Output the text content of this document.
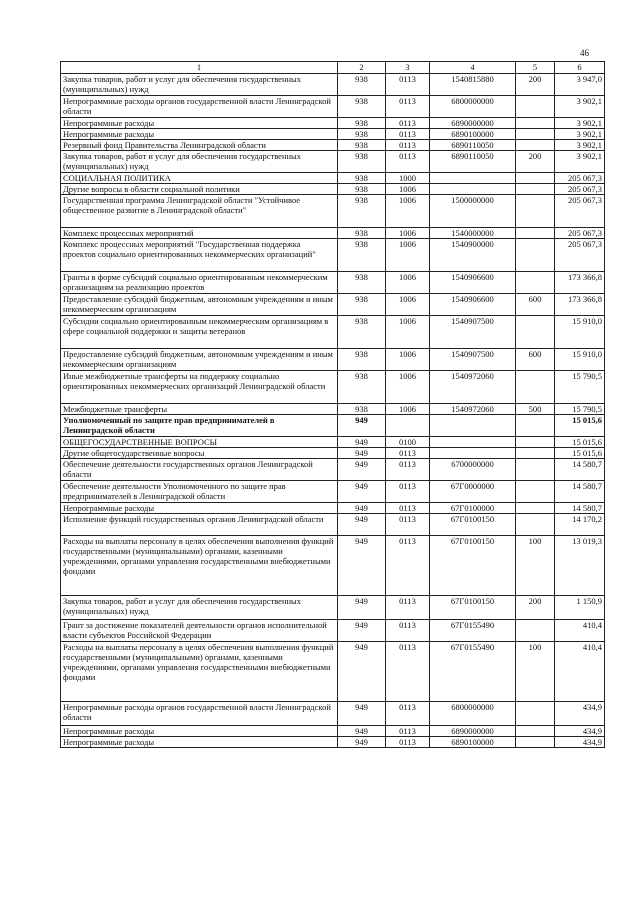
46
1	2	3	4	5	6
Закупка товаров, работ и услуг для обеспечения государственных (муниципальных) нужд	938	0113	1540815880	200	3 947,0
Непрограммные расходы органов государственной власти Ленинградской области	938	0113	6800000000		3 902,1
Непрограммные расходы	938	0113	6890000000		3 902,1
Непрограммные расходы	938	0113	6890100000		3 902,1
Резервный фонд Правительства Ленинградской области	938	0113	6890110050		3 902,1
Закупка товаров, работ и услуг для обеспечения государственных (муниципальных) нужд	938	0113	6890110050	200	3 902,1
СОЦИАЛЬНАЯ ПОЛИТИКА	938	1000			205 067,3
Другие вопросы в области социальной политики	938	1006			205 067,3
Государственная программа Ленинградской области "Устойчивое общественное развитие в Ленинградской области"	938	1006	1500000000		205 067,3
Комплекс процессных мероприятий	938	1006	1540000000		205 067,3
Комплекс процессных мероприятий "Государственная поддержка проектов социально ориентированных некоммерческих организаций"	938	1006	1540900000		205 067,3
Гранты в форме субсидий социально ориентированным некоммерческим организациям на реализацию проектов	938	1006	1540906600		173 366,8
Предоставление субсидий бюджетным, автономным учреждениям и иным некоммерческим организациям	938	1006	1540906600	600	173 366,8
Субсидии социально ориентированным некоммерческим организациям в сфере социальной поддержки и защиты ветеранов	938	1006	1540907500		15 910,0
Предоставление субсидий бюджетным, автономным учреждениям и иным некоммерческим организациям	938	1006	1540907500	600	15 910,0
Иные межбюджетные трансферты на поддержку социально ориентированных некоммерческих организаций Ленинградской области	938	1006	1540972060		15 790,5
Межбюджетные трансферты	938	1006	1540972060	500	15 790,5
Уполномоченный по защите прав предпринимателей в Ленинградской области	949				15 015,6
ОБЩЕГОСУДАРСТВЕННЫЕ ВОПРОСЫ	949	0100			15 015,6
Другие общегосударственные вопросы	949	0113			15 015,6
Обеспечение деятельности государственных органов Ленинградской области	949	0113	6700000000		14 580,7
Обеспечение деятельности Уполномоченного по защите прав предпринимателей в Ленинградской области	949	0113	67Г0000000		14 580,7
Непрограммные расходы	949	0113	67Г0100000		14 580,7
Исполнение функций государственных органов Ленинградской области	949	0113	67Г0100150		14 170,2
Расходы на выплаты персоналу в целях обеспечения выполнения функций государственными (муниципальными) органами, казенными учреждениями, органами управления государственными внебюджетными фондами	949	0113	67Г0100150	100	13 019,3
Закупка товаров, работ и услуг для обеспечения государственных (муниципальных) нужд	949	0113	67Г0100150	200	1 150,9
Грант за достижение показателей деятельности органов исполнительной власти субъектов Российской Федерации	949	0113	67Г0155490		410,4
Расходы на выплаты персоналу в целях обеспечения выполнения функций государственными (муниципальными) органами, казенными учреждениями, органами управления государственными внебюджетными фондами	949	0113	67Г0155490	100	410,4
Непрограммные расходы органов государственной власти Ленинградской области	949	0113	6800000000		434,9
Непрограммные расходы	949	0113	6890000000		434,9
Непрограммные расходы	949	0113	6890100000		434,9
